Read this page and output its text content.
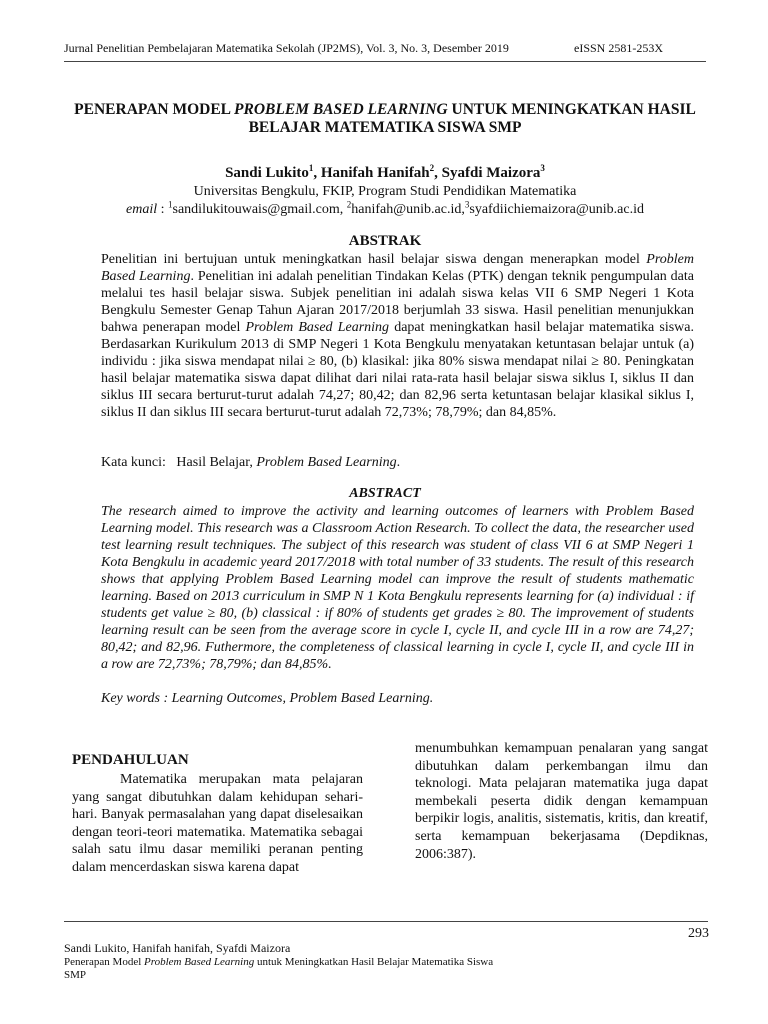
Jurnal Penelitian Pembelajaran Matematika Sekolah (JP2MS), Vol. 3, No. 3, Desember 2019	eISSN 2581-253X
PENERAPAN MODEL PROBLEM BASED LEARNING UNTUK MENINGKATKAN HASIL
BELAJAR MATEMATIKA SISWA SMP
Sandi Lukito$^1$, Hanifah Hanifah$^2$, Syafdi Maizora$^3$
Universitas Bengkulu, FKIP, Program Studi Pendidikan Matematika
email : $^1$sandilukitouwais@gmail.com, $^2$hanifah@unib.ac.id,$^3$syafdiichiemaizora@unib.ac.id
ABSTRAK

Penelitian ini bertujuan untuk meningkatkan hasil belajar siswa dengan menerapkan model Problem Based Learning. Penelitian ini adalah penelitian Tindakan Kelas (PTK) dengan teknik pengumpulan data melalui tes hasil belajar siswa. Subjek penelitian ini adalah siswa kelas VII 6 SMP Negeri 1 Kota Bengkulu Semester Genap Tahun Ajaran 2017/2018 berjumlah 33 siswa. Hasil penelitian menunjukkan bahwa penerapan model Problem Based Learning dapat meningkatkan hasil belajar matematika siswa. Berdasarkan Kurikulum 2013 di SMP Negeri 1 Kota Bengkulu menyatakan ketuntasan belajar untuk (a) individu : jika siswa mendapat nilai ≥ 80, (b) klasikal: jika 80% siswa mendapat nilai ≥ 80. Peningkatan hasil belajar matematika siswa dapat dilihat dari nilai rata-rata hasil belajar siswa siklus I, siklus II dan siklus III secara berturut-turut adalah 74,27; 80,42; dan 82,96 serta ketuntasan belajar klasikal siklus I, siklus II dan siklus III secara berturut-turut adalah 72,73%; 78,79%; dan 84,85%.

Kata kunci: Hasil Belajar, Problem Based Learning.
ABSTRACT

The research aimed to improve the activity and learning outcomes of learners with Problem Based Learning model. This research was a Classroom Action Research. To collect the data, the researcher used test learning result techniques. The subject of this research was student of class VII 6 at SMP Negeri 1 Kota Bengkulu in academic yeard 2017/2018 with total number of 33 students. The result of this research shows that applying Problem Based Learning model can improve the result of students mathematic learning. Based on 2013 curriculum in SMP N 1 Kota Bengkulu represents learning for (a) individual : if students get value ≥ 80, (b) classical : if 80% of students get grades ≥ 80. The improvement of students learning result can be seen from the average score in cycle I, cycle II, and cycle III in a row are 74,27; 80,42; and 82,96. Futhermore, the completeness of classical learning in cycle I, cycle II, and cycle III in a row are 72,73%; 78,79%; dan 84,85%.

Key words : Learning Outcomes, Problem Based Learning.
PENDAHULUAN

Matematika merupakan mata pelajaran yang sangat dibutuhkan dalam kehidupan sehari-hari. Banyak permasalahan yang dapat diselesaikan dengan teori-teori matematika. Matematika sebagai salah satu ilmu dasar memiliki peranan penting dalam mencerdaskan siswa karena dapat

menumbuhkan kemampuan penalaran yang sangat dibutuhkan dalam perkembangan ilmu dan teknologi. Mata pelajaran matematika juga dapat membekali peserta didik dengan kemampuan berpikir logis, analitis, sistematis, kritis, dan kreatif, serta kemampuan bekerjasama (Depdiknas, 2006:387).

293
Sandi Lukito, Hanifah hanifah, Syafdi Maizora
Penerapan Model Problem Based Learning untuk Meningkatkan Hasil Belajar Matematika Siswa
SMP
